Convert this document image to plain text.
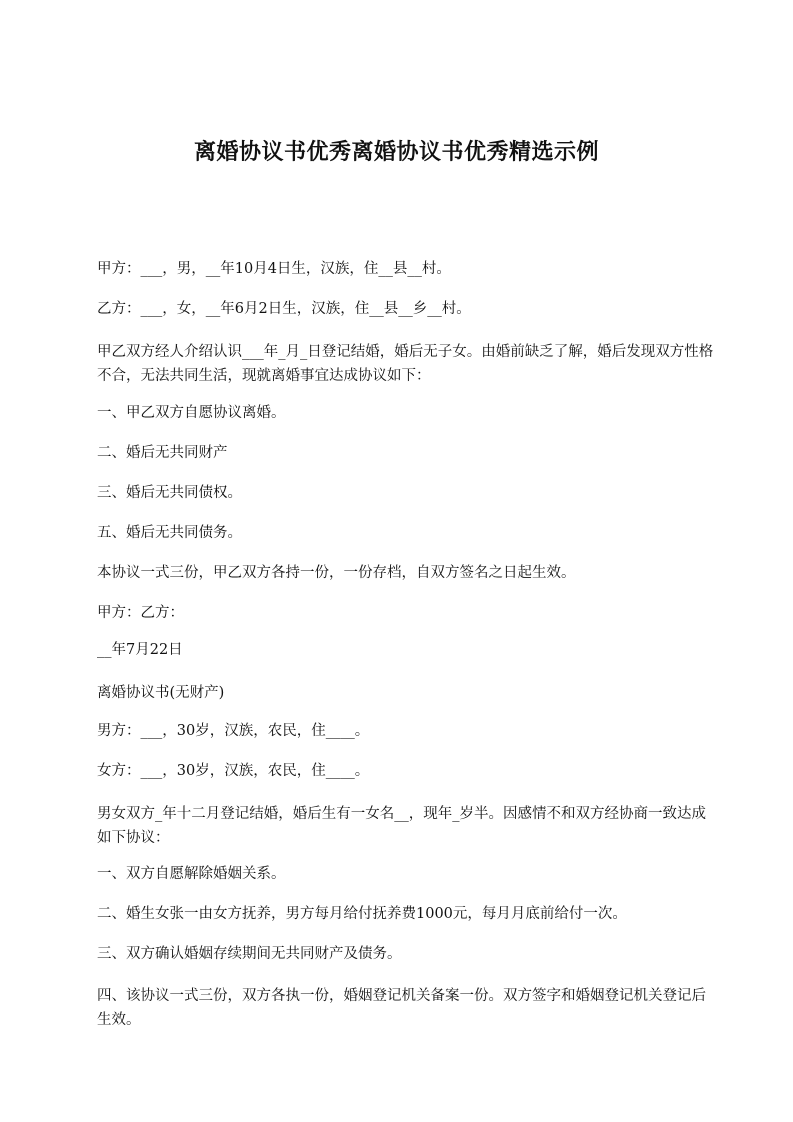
离婚协议书优秀离婚协议书优秀精选示例
甲方：___，男，__年10月4日生，汉族，住__县__村。
乙方：___，女，__年6月2日生，汉族，住__县__乡__村。
甲乙双方经人介绍认识___年_月_日登记结婚，婚后无子女。由婚前缺乏了解，婚后发现双方性格不合，无法共同生活，现就离婚事宜达成协议如下：
一、甲乙双方自愿协议离婚。
二、婚后无共同财产
三、婚后无共同债权。
五、婚后无共同债务。
本协议一式三份，甲乙双方各持一份，一份存档，自双方签名之日起生效。
甲方：乙方：
__年7月22日
离婚协议书(无财产)
男方：___，30岁，汉族，农民，住____。
女方：___，30岁，汉族，农民，住____。
男女双方_年十二月登记结婚，婚后生有一女名__，现年_岁半。因感情不和双方经协商一致达成如下协议：
一、双方自愿解除婚姻关系。
二、婚生女张一由女方抚养，男方每月给付抚养费1000元，每月月底前给付一次。
三、双方确认婚姻存续期间无共同财产及债务。
四、该协议一式三份，双方各执一份，婚姻登记机关备案一份。双方签字和婚姻登记机关登记后生效。
